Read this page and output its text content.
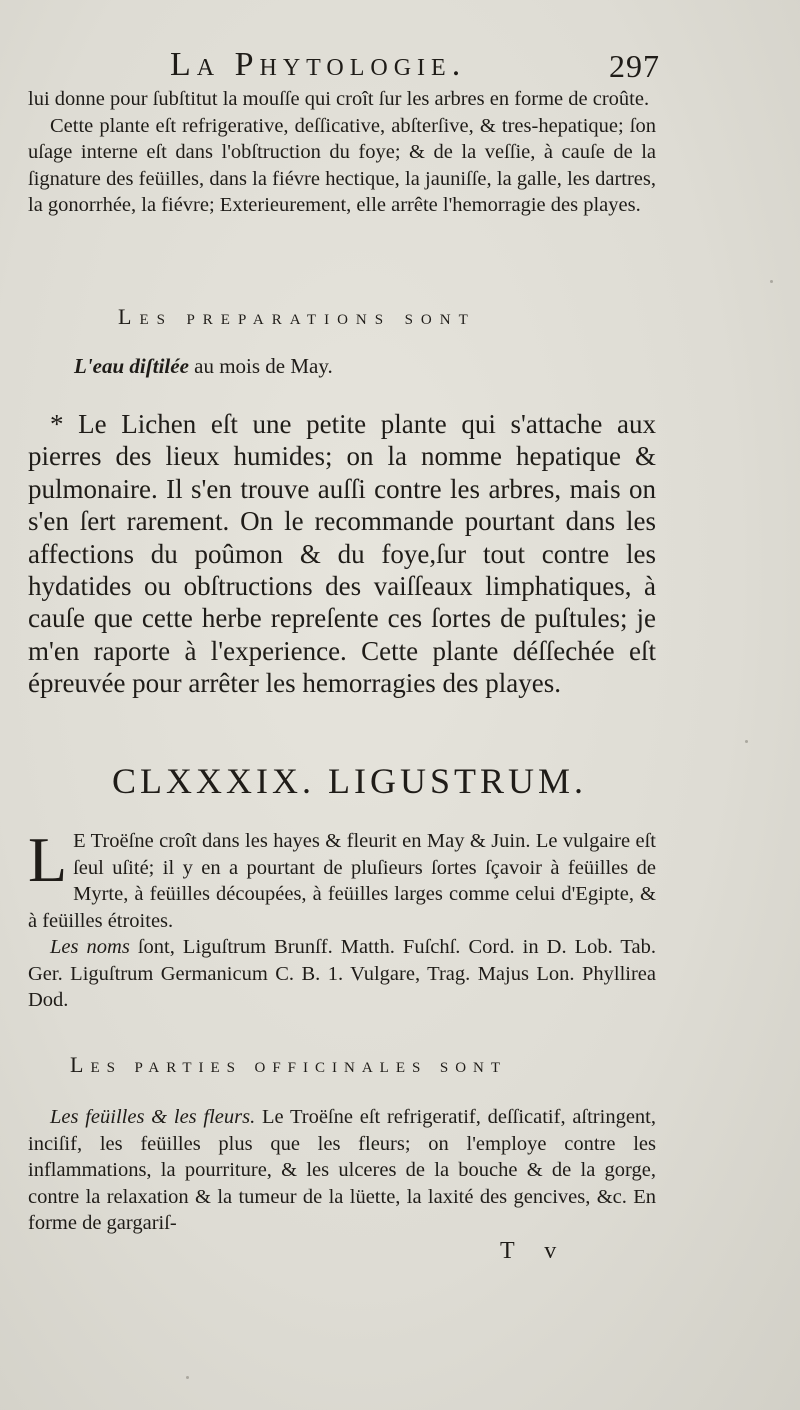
La Phytologie.	297

lui donne pour ſubſtitut la mouſſe qui croît ſur les arbres en forme de croûte.

Cette plante eſt refrigerative, deſſicative, abſterſive, & tres-hepatique; ſon uſage interne eſt dans l'obſtruction du foye; & de la veſſie, à cauſe de la ſignature des feüilles, dans la fiévre hectique, la jauniſſe, la galle, les dartres, la gonorrhée, la fiévre; Exterieurement, elle arrête l'hemorragie des playes.

Les preparations sont
L'eau diſtilée au mois de May.

* Le Lichen eſt une petite plante qui s'attache aux pierres des lieux humides; on la nomme hepatique & pulmonaire. Il s'en trouve auſſi contre les arbres, mais on s'en ſert rarement. On le recommande pourtant dans les affections du poûmon & du foye,ſur tout contre les hydatides ou obſtructions des vaiſſeaux limphatiques, à cauſe que cette herbe repreſente ces ſortes de puſtules; je m'en raporte à l'experience. Cette plante déſſechée eſt épreuvée pour arrêter les hemorragies des playes.

CLXXXIX. LIGUSTRUM.

L E Troëſne croît dans les hayes & fleurit en May & Juin. Le vulgaire eſt ſeul uſité; il y en a pourtant de pluſieurs ſortes ſçavoir à feüilles de Myrte, à feüilles découpées, à feüilles larges comme celui d'Egipte, & à feüilles étroites.

Les noms ſont, Liguſtrum Brunſf. Matth. Fuſchſ. Cord. in D. Lob. Tab. Ger. Liguſtrum Germanicum C. B. 1. Vulgare, Trag. Majus Lon. Phyllirea Dod.

Les parties officinales sont

Les feüilles & les fleurs. Le Troëſne eſt refrigeratif, deſſicatif, aſtringent, inciſif, les feüilles plus que les fleurs; on l'employe contre les inflammations, la pourriture, & les ulceres de la bouche & de la gorge, contre la relaxation & la tumeur de la lüette, la laxité des gencives, &c. En forme de gargariſ-

T v
